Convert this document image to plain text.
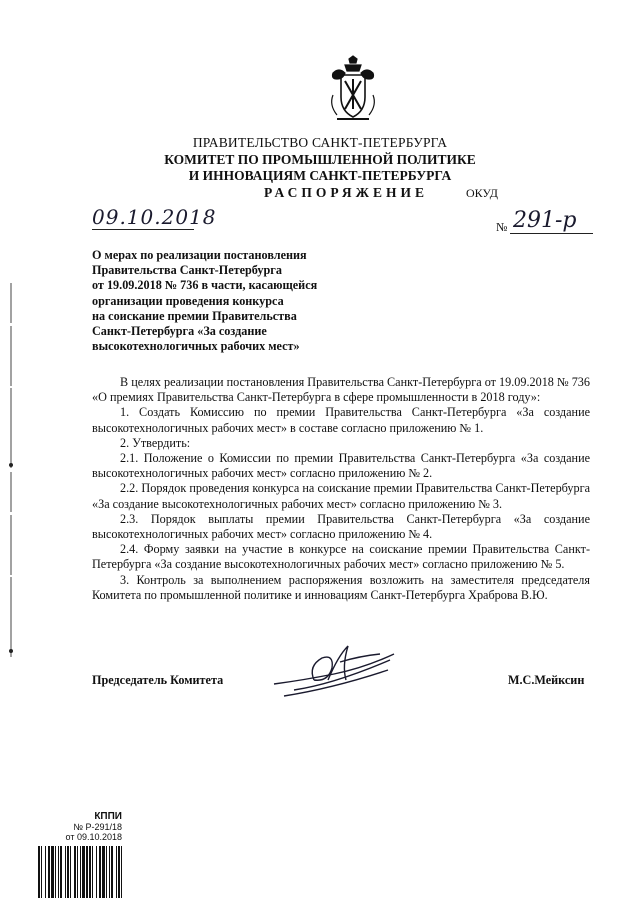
ПРАВИТЕЛЬСТВО САНКТ-ПЕТЕРБУРГА
КОМИТЕТ ПО ПРОМЫШЛЕННОЙ ПОЛИТИКЕ
И ИННОВАЦИЯМ САНКТ-ПЕТЕРБУРГА
РАСПОРЯЖЕНИЕ	ОКУД
09.10.2018	№ 291-р
О мерах по реализации постановления
Правительства Санкт-Петербурга
от 19.09.2018 № 736 в части, касающейся
организации проведения конкурса
на соискание премии Правительства
Санкт-Петербурга «За создание
высокотехнологичных рабочих мест»

В целях реализации постановления Правительства Санкт-Петербурга от 19.09.2018 № 736 «О премиях Правительства Санкт-Петербурга в сфере промышленности в 2018 году»:

1. Создать Комиссию по премии Правительства Санкт-Петербурга «За создание высокотехнологичных рабочих мест» в составе согласно приложению № 1.

2. Утвердить:

2.1. Положение о Комиссии по премии Правительства Санкт-Петербурга «За создание высокотехнологичных рабочих мест» согласно приложению № 2.

2.2. Порядок проведения конкурса на соискание премии Правительства Санкт-Петербурга «За создание высокотехнологичных рабочих мест» согласно приложению № 3.

2.3. Порядок выплаты премии Правительства Санкт-Петербурга «За создание высокотехнологичных рабочих мест» согласно приложению № 4.

2.4. Форму заявки на участие в конкурсе на соискание премии Правительства Санкт-Петербурга «За создание высокотехнологичных рабочих мест» согласно приложению № 5.

3. Контроль за выполнением распоряжения возложить на заместителя председателя Комитета по промышленной политике и инновациям Санкт-Петербурга Храброва В.Ю.

Председатель Комитета	М.С.Мейксин
КППИ
№ Р-291/18
от 09.10.2018
